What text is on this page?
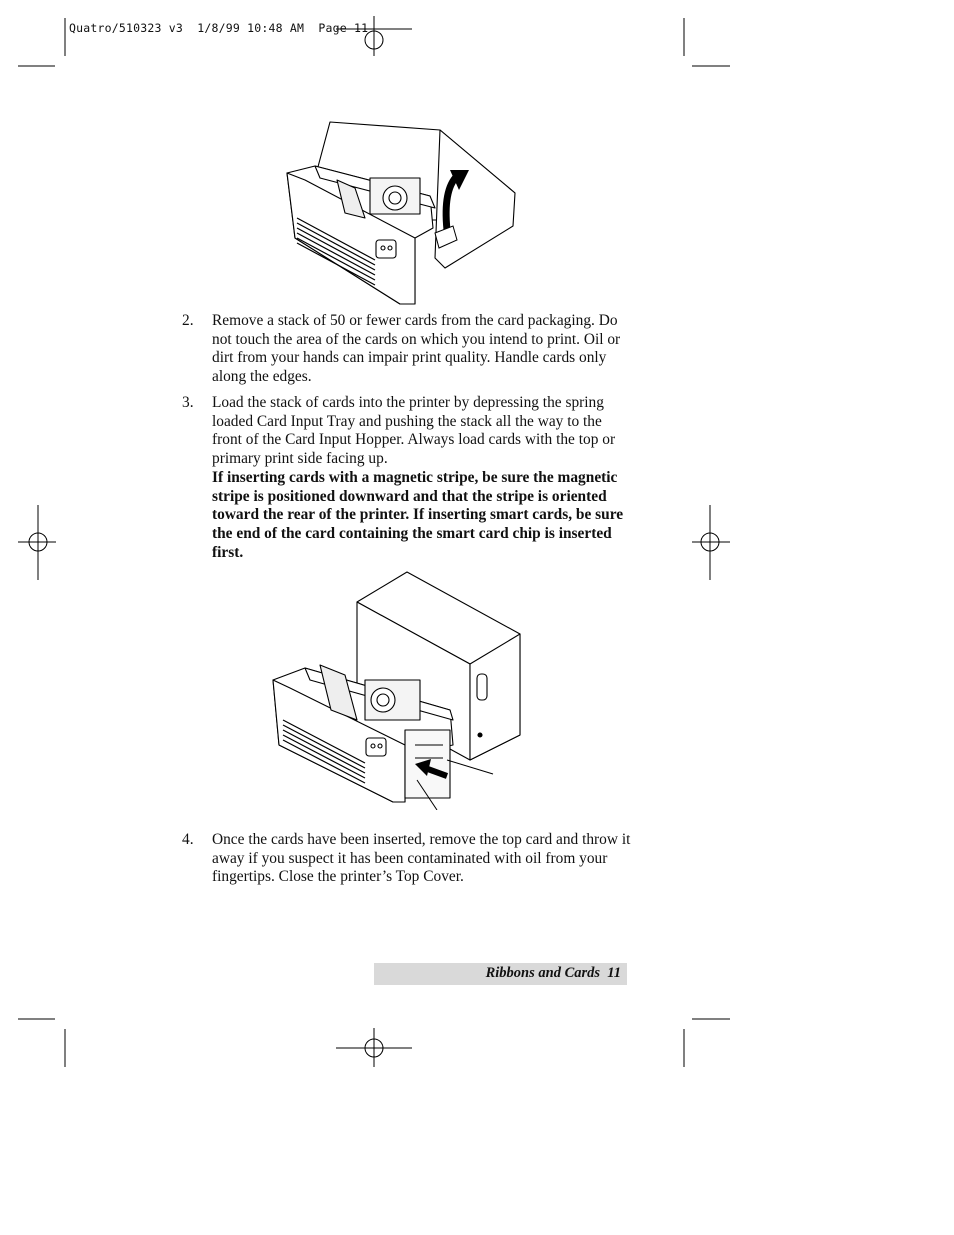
Quatro/510323 v3  1/8/99 10:48 AM  Page 11
2. Remove a stack of 50 or fewer cards from the card packaging. Do not touch the area of the cards on which you intend to print. Oil or dirt from your hands can impair print quality. Handle cards only along the edges.
3. Load the stack of cards into the printer by depressing the spring loaded Card Input Tray and pushing the stack all the way to the front of the Card Input Hopper. Always load cards with the top or primary print side facing up.
If inserting cards with a magnetic stripe, be sure the magnetic stripe is positioned downward and that the stripe is oriented toward the rear of the printer. If inserting smart cards, be sure the end of the card containing the smart card chip is inserted first.
4. Once the cards have been inserted, remove the top card and throw it away if you suspect it has been contaminated with oil from your fingertips. Close the printer’s Top Cover.
Ribbons and Cards  11
